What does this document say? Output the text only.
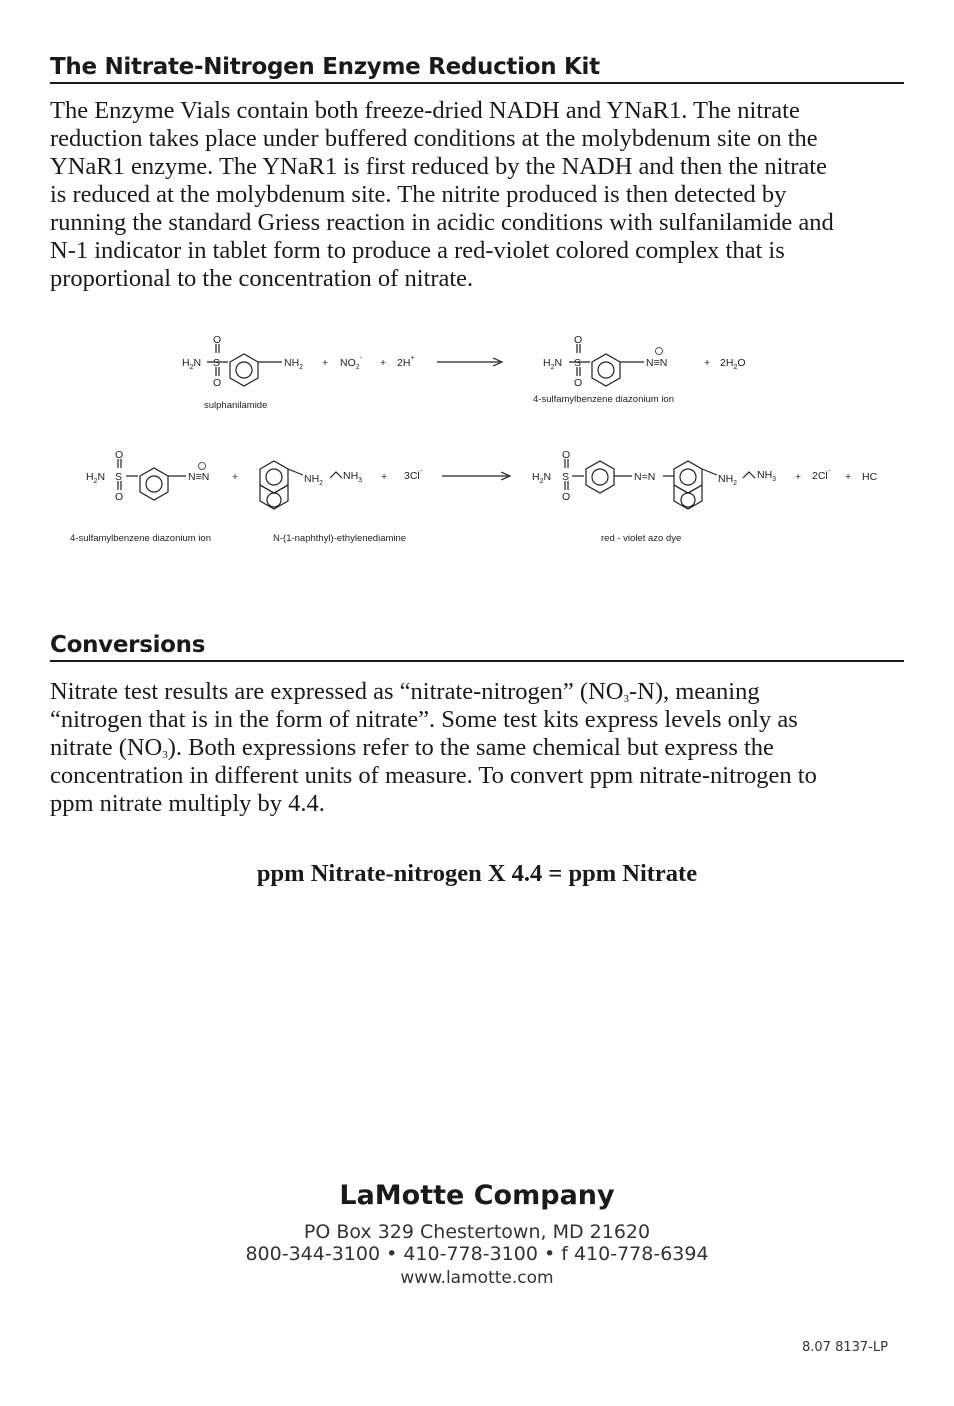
The Nitrate-Nitrogen Enzyme Reduction Kit
The Enzyme Vials contain both freeze-dried NADH and YNaR1. The nitrate
reduction takes place under buffered conditions at the molybdenum site on the
YNaR1 enzyme. The YNaR1 is first reduced by the NADH and then the nitrate
is reduced at the molybdenum site. The nitrite produced is then detected by
running the standard Griess reaction in acidic conditions with sulfanilamide and
N-1 indicator in tablet form to produce a red-violet colored complex that is
proportional to the concentration of nitrate.
$H_2N$ S
O
O
$NH_2 + NO_2^- + 2H^+$
sulphanilamide
$H_2N$ S
O
O
N≡N	+ $2H_2O$
4-sulfamylbenzene diazonium ion
$H_2N$ S
O
O
N≡N +	$NH_2$
$NH_3 + 3Cl^-$
4-sulfamylbenzene diazonium ion	N-(1-naphthyl)-ethylenediamine
$H_2N$ S
O
O
N=N	$NH_2$
$NH_3 + 2Cl^-$ + HC
red - violet azo dye
Conversions
Nitrate test results are expressed as “nitrate-nitrogen” $(NO_3-N)$, meaning
“nitrogen that is in the form of nitrate”. Some test kits express levels only as
nitrate $(NO_3)$. Both expressions refer to the same chemical but express the
concentration in different units of measure. To convert ppm nitrate-nitrogen to
ppm nitrate multiply by 4.4.
ppm Nitrate-nitrogen X 4.4 = ppm Nitrate
LaMotte Company
PO Box 329 Chestertown, MD 21620
800-344-3100 • 410-778-3100 • f 410-778-6394
www.lamotte.com
8.07 8137-LP
